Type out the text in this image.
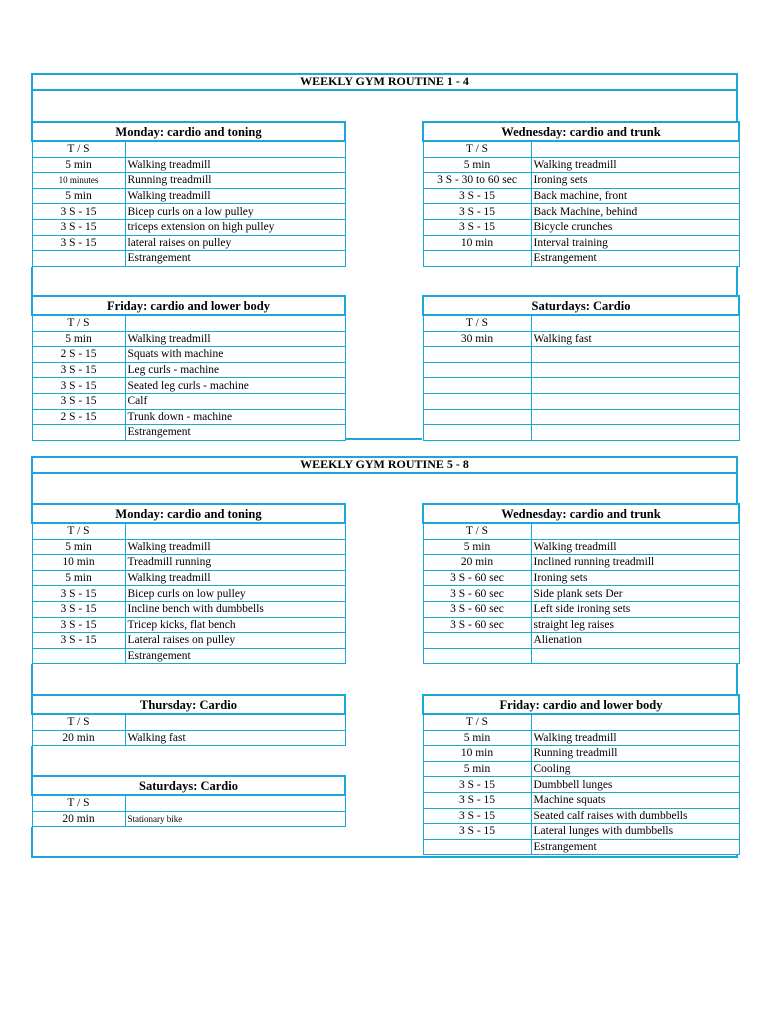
WEEKLY GYM ROUTINE 1 - 4
WEEKLY GYM ROUTINE 5 - 8
Monday: cardio and toning	
T / S	
5 min	Walking treadmill
10 minutes	Running treadmill
5 min	Walking treadmill
3 S - 15	Bicep curls on a low pulley
3 S - 15	triceps extension on high pulley
3 S - 15	lateral raises on pulley
	Estrangement
Wednesday: cardio and trunk	
T / S	
5 min	Walking treadmill
3 S - 30 to 60 sec	Ironing sets
3 S - 15	Back machine, front
3 S - 15	Back Machine, behind
3 S - 15	Bicycle crunches
10 min	Interval training
	Estrangement
Friday: cardio and lower body	
T / S	
5 min	Walking treadmill
2 S - 15	Squats with machine
3 S - 15	Leg curls - machine
3 S - 15	Seated leg curls - machine
3 S - 15	Calf
2 S - 15	Trunk down - machine
	Estrangement
Saturdays: Cardio	
T / S	
30 min	Walking fast

Monday: cardio and toning	
T / S	
5 min	Walking treadmill
10 min	Treadmill running
5 min	Walking treadmill
3 S - 15	Bicep curls on low pulley
3 S - 15	Incline bench with dumbbells
3 S - 15	Tricep kicks, flat bench
3 S - 15	Lateral raises on pulley
	Estrangement
Wednesday: cardio and trunk	
T / S	
5 min	Walking treadmill
20 min	Inclined running treadmill
3 S - 60 sec	Ironing sets
3 S - 60 sec	Side plank sets Der
3 S - 60 sec	Left side ironing sets
3 S - 60 sec	straight leg raises
	Alienation

Thursday: Cardio	
T / S	
20 min	Walking fast
Saturdays: Cardio	
T / S	
20 min	Stationary bike
Friday: cardio and lower body	
T / S	
5 min	Walking treadmill
10 min	Running treadmill
5 min	Cooling
3 S - 15	Dumbbell lunges
3 S - 15	Machine squats
3 S - 15	Seated calf raises with dumbbells
3 S - 15	Lateral lunges with dumbbells
	Estrangement
